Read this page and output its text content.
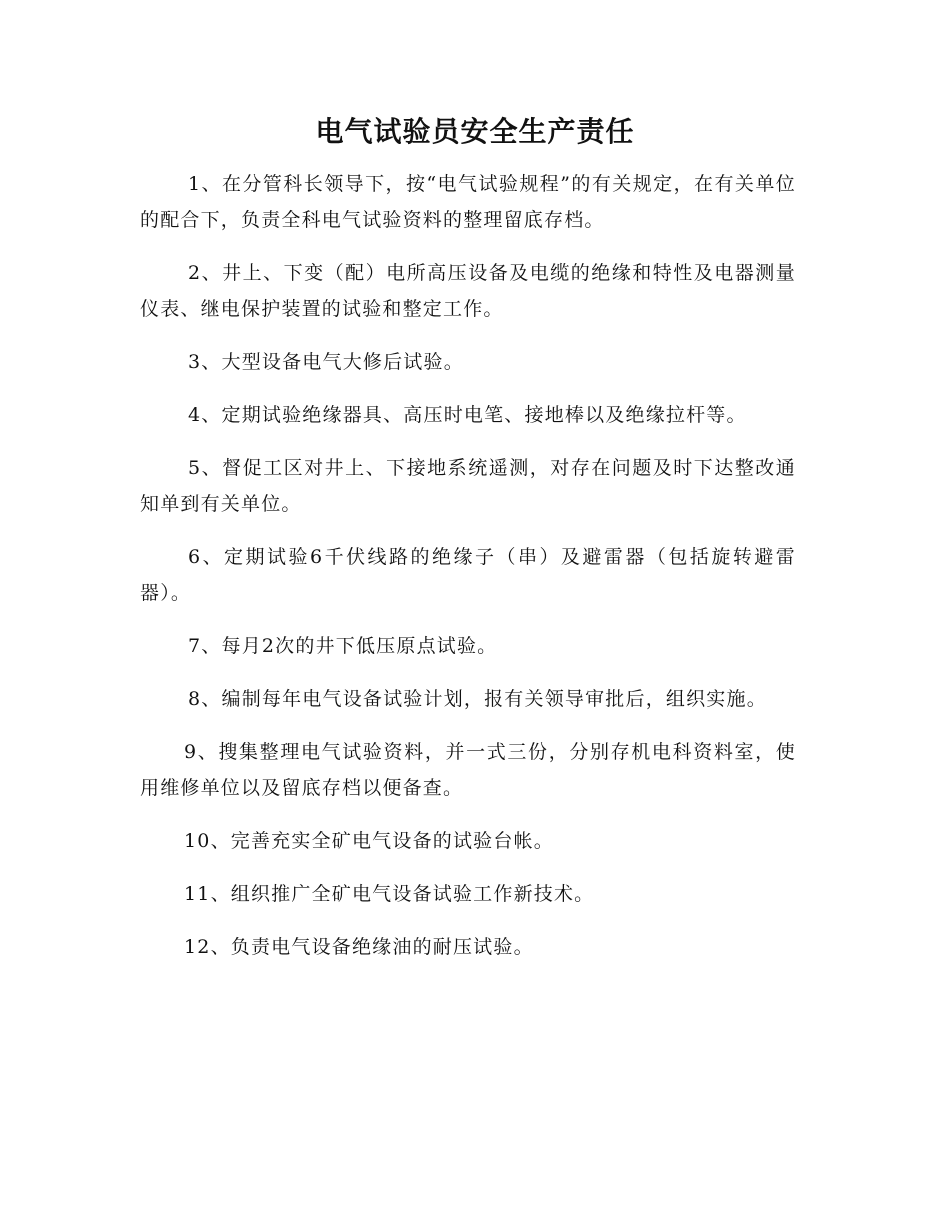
电气试验员安全生产责任

1、在分管科长领导下，按“电气试验规程”的有关规定，在有关单位的配合下，负责全科电气试验资料的整理留底存档。

2、井上、下变（配）电所高压设备及电缆的绝缘和特性及电器测量仪表、继电保护装置的试验和整定工作。

3、大型设备电气大修后试验。

4、定期试验绝缘器具、高压时电笔、接地棒以及绝缘拉杆等。

5、督促工区对井上、下接地系统遥测，对存在问题及时下达整改通知单到有关单位。

6、定期试验6千伏线路的绝缘子（串）及避雷器（包括旋转避雷器）。

7、每月2次的井下低压原点试验。

8、编制每年电气设备试验计划，报有关领导审批后，组织实施。

9、搜集整理电气试验资料，并一式三份，分别存机电科资料室，使用维修单位以及留底存档以便备查。

10、完善充实全矿电气设备的试验台帐。

11、组织推广全矿电气设备试验工作新技术。

12、负责电气设备绝缘油的耐压试验。
